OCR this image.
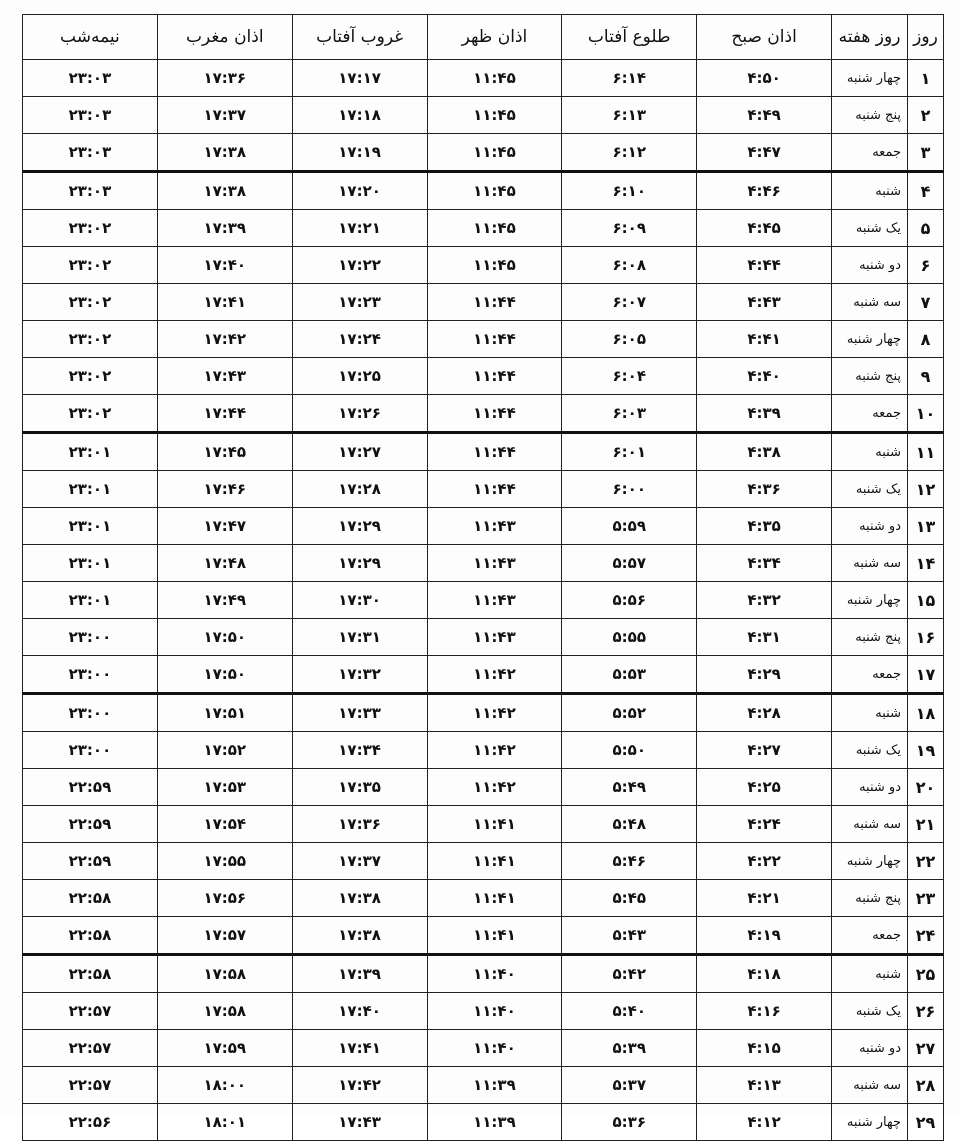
روز	روز هفته	اذان صبح	طلوع آفتاب	اذان ظهر	غروب آفتاب	اذان مغرب	نیمه‌شب
۱	چهار شنبه	۴:۵۰	۶:۱۴	۱۱:۴۵	۱۷:۱۷	۱۷:۳۶	۲۳:۰۳
۲	پنج شنبه	۴:۴۹	۶:۱۳	۱۱:۴۵	۱۷:۱۸	۱۷:۳۷	۲۳:۰۳
۳	جمعه	۴:۴۷	۶:۱۲	۱۱:۴۵	۱۷:۱۹	۱۷:۳۸	۲۳:۰۳
۴	شنبه	۴:۴۶	۶:۱۰	۱۱:۴۵	۱۷:۲۰	۱۷:۳۸	۲۳:۰۳
۵	یک شنبه	۴:۴۵	۶:۰۹	۱۱:۴۵	۱۷:۲۱	۱۷:۳۹	۲۳:۰۲
۶	دو شنبه	۴:۴۴	۶:۰۸	۱۱:۴۵	۱۷:۲۲	۱۷:۴۰	۲۳:۰۲
۷	سه شنبه	۴:۴۳	۶:۰۷	۱۱:۴۴	۱۷:۲۳	۱۷:۴۱	۲۳:۰۲
۸	چهار شنبه	۴:۴۱	۶:۰۵	۱۱:۴۴	۱۷:۲۴	۱۷:۴۲	۲۳:۰۲
۹	پنج شنبه	۴:۴۰	۶:۰۴	۱۱:۴۴	۱۷:۲۵	۱۷:۴۳	۲۳:۰۲
۱۰	جمعه	۴:۳۹	۶:۰۳	۱۱:۴۴	۱۷:۲۶	۱۷:۴۴	۲۳:۰۲
۱۱	شنبه	۴:۳۸	۶:۰۱	۱۱:۴۴	۱۷:۲۷	۱۷:۴۵	۲۳:۰۱
۱۲	یک شنبه	۴:۳۶	۶:۰۰	۱۱:۴۴	۱۷:۲۸	۱۷:۴۶	۲۳:۰۱
۱۳	دو شنبه	۴:۳۵	۵:۵۹	۱۱:۴۳	۱۷:۲۹	۱۷:۴۷	۲۳:۰۱
۱۴	سه شنبه	۴:۳۴	۵:۵۷	۱۱:۴۳	۱۷:۲۹	۱۷:۴۸	۲۳:۰۱
۱۵	چهار شنبه	۴:۳۲	۵:۵۶	۱۱:۴۳	۱۷:۳۰	۱۷:۴۹	۲۳:۰۱
۱۶	پنج شنبه	۴:۳۱	۵:۵۵	۱۱:۴۳	۱۷:۳۱	۱۷:۵۰	۲۳:۰۰
۱۷	جمعه	۴:۲۹	۵:۵۳	۱۱:۴۲	۱۷:۳۲	۱۷:۵۰	۲۳:۰۰
۱۸	شنبه	۴:۲۸	۵:۵۲	۱۱:۴۲	۱۷:۳۳	۱۷:۵۱	۲۳:۰۰
۱۹	یک شنبه	۴:۲۷	۵:۵۰	۱۱:۴۲	۱۷:۳۴	۱۷:۵۲	۲۳:۰۰
۲۰	دو شنبه	۴:۲۵	۵:۴۹	۱۱:۴۲	۱۷:۳۵	۱۷:۵۳	۲۲:۵۹
۲۱	سه شنبه	۴:۲۴	۵:۴۸	۱۱:۴۱	۱۷:۳۶	۱۷:۵۴	۲۲:۵۹
۲۲	چهار شنبه	۴:۲۲	۵:۴۶	۱۱:۴۱	۱۷:۳۷	۱۷:۵۵	۲۲:۵۹
۲۳	پنج شنبه	۴:۲۱	۵:۴۵	۱۱:۴۱	۱۷:۳۸	۱۷:۵۶	۲۲:۵۸
۲۴	جمعه	۴:۱۹	۵:۴۳	۱۱:۴۱	۱۷:۳۸	۱۷:۵۷	۲۲:۵۸
۲۵	شنبه	۴:۱۸	۵:۴۲	۱۱:۴۰	۱۷:۳۹	۱۷:۵۸	۲۲:۵۸
۲۶	یک شنبه	۴:۱۶	۵:۴۰	۱۱:۴۰	۱۷:۴۰	۱۷:۵۸	۲۲:۵۷
۲۷	دو شنبه	۴:۱۵	۵:۳۹	۱۱:۴۰	۱۷:۴۱	۱۷:۵۹	۲۲:۵۷
۲۸	سه شنبه	۴:۱۳	۵:۳۷	۱۱:۳۹	۱۷:۴۲	۱۸:۰۰	۲۲:۵۷
۲۹	چهار شنبه	۴:۱۲	۵:۳۶	۱۱:۳۹	۱۷:۴۳	۱۸:۰۱	۲۲:۵۶
